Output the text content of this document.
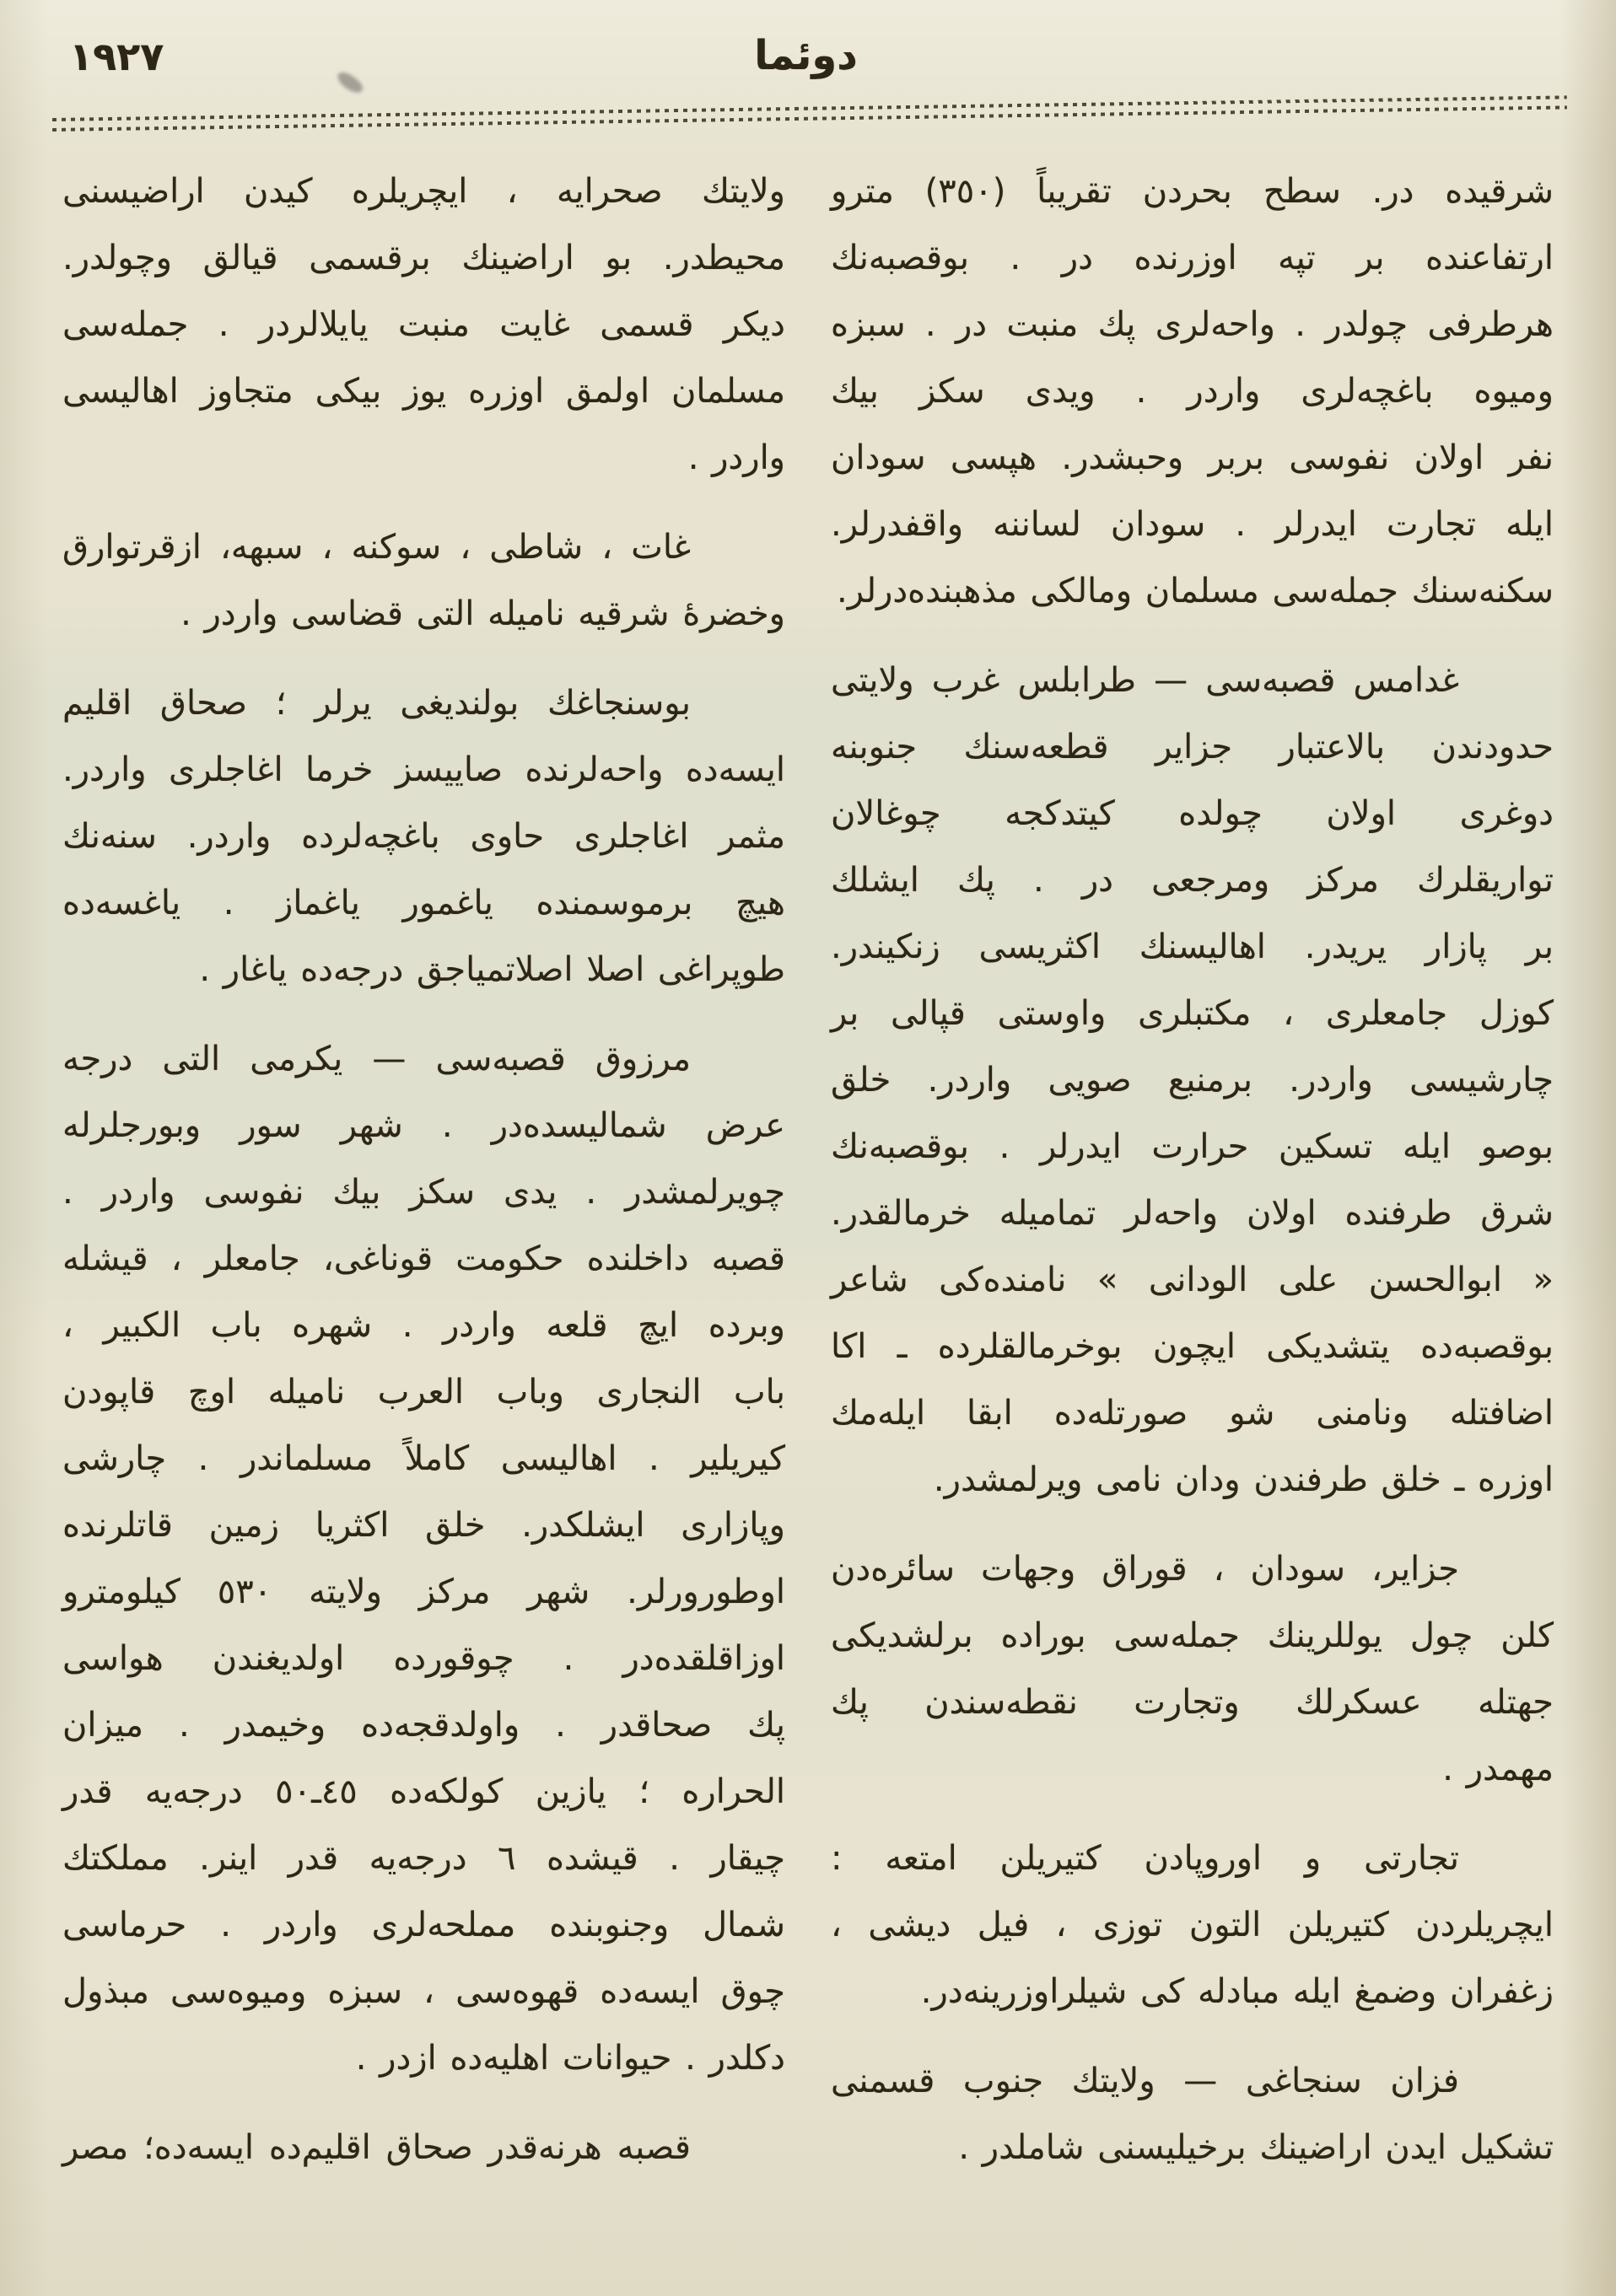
١٩٢٧	دوئما
شرقيده در. سطح بحردن تقريباً (٣٥٠) مترو
ارتفاعنده بر تپه اوزرنده در . بوقصبه‌نك
هرطرفى چولدر . واحه‌لرى پك منبت در . سبزه
وميوه باغچه‌لرى واردر . ويدى سكز بيك
نفر اولان نفوسى بربر وحبشدر. هپسى سودان
ايله تجارت ايدرلر . سودان لساننه واقفدرلر.
سكنه‌سنك جمله‌سى مسلمان ومالكى مذهبنده‌درلر.
غدامس قصبه‌سى — طرابلس غرب ولايتى
حدودندن بالاعتبار جزاير قطعه‌سنك جنوبنه
دوغرى اولان چولده كيتدكجه چوغالان
تواريقلرك مركز ومرجعى در . پك ايشلك
بر پازار يريدر. اهاليسنك اكثريسى زنكيندر.
كوزل جامعلرى ، مكتبلرى واوستى قپالى بر
چارشيسى واردر. برمنبع صويى واردر. خلق
بوصو ايله تسكين حرارت ايدرلر . بوقصبه‌نك
شرق طرفنده اولان واحه‌لر تماميله خرمالقدر.
« ابوالحسن على الودانى » نامنده‌كى شاعر
بوقصبه‌ده يتشديكى ايچون بوخرمالقلرده ـ اكا
اضافتله ونامنى شو صورتله‌ده ابقا ايله‌مك
اوزره ـ خلق طرفندن ودان نامى ويرلمشدر.
جزاير، سودان ، قوراق وجهات سائره‌دن
كلن چول يوللرينك جمله‌سى بوراده برلشديكى
جهتله عسكرلك وتجارت نقطه‌سندن پك
مهمدر .
تجارتى و اوروپادن كتيريلن امتعه :
ايچريلردن كتيريلن التون توزى ، فيل ديشى ،
زغفران وضمغ ايله مبادله كى شيلراوزرينه‌در.
فزان سنجاغى — ولايتك جنوب قسمنى
تشكيل ايدن اراضينك برخيليسنى شاملدر .
ولايتك صحرايه ، ايچريلره كيدن اراضيسنى
محيطدر. بو اراضينك برقسمى قيالق وچولدر.
ديكر قسمى غايت منبت يايلالردر . جمله‌سى
مسلمان اولمق اوزره يوز بيكى متجاوز اهاليسى
واردر .
غات ، شاطى ، سوكنه ، سبهه، ازقرتوارق
وخضرهٔ شرقيه ناميله التى قضاسى واردر .
بوسنجاغك بولنديغى يرلر ؛ صحاق اقليم
ايسه‌ده واحه‌لرنده صاييسز خرما اغاجلرى واردر.
مثمر اغاجلرى حاوى باغچه‌لرده واردر. سنه‌نك
هيچ برموسمنده ياغمور ياغماز . ياغسه‌ده
طوپراغى اصلا اصلاتمياجق درجه‌ده ياغار .
مرزوق قصبه‌سى — يكرمى التى درجه
عرض شماليسده‌در . شهر سور وبورجلرله
چويرلمشدر . يدى سكز بيك نفوسى واردر .
قصبه داخلنده حكومت قوناغى، جامعلر ، قيشله
وبرده ايچ قلعه واردر . شهره باب الكبير ،
باب النجارى وباب العرب ناميله اوچ قاپودن
كيريلير . اهاليسى كاملاً مسلماندر . چارشى
وپازارى ايشلكدر. خلق اكثريا زمين قاتلرنده
اوطورورلر. شهر مركز ولايته ٥٣٠ كيلومترو
اوزاقلقده‌در . چوقورده اولديغندن هواسى
پك صحاقدر . واولدقجه‌ده وخيمدر . ميزان
الحراره ؛ يازين كولكه‌ده ٤٥ـ٥٠ درجه‌يه قدر
چيقار . قيشده ٦ درجه‌يه قدر اينر. مملكتك
شمال وجنوبنده مملحه‌لرى واردر . حرماسى
چوق ايسه‌ده قهوه‌سى ، سبزه وميوه‌سى مبذول
دكلدر . حيوانات اهليه‌ده ازدر .
قصبه هرنه‌قدر صحاق اقليم‌ده ايسه‌ده؛ مصر
